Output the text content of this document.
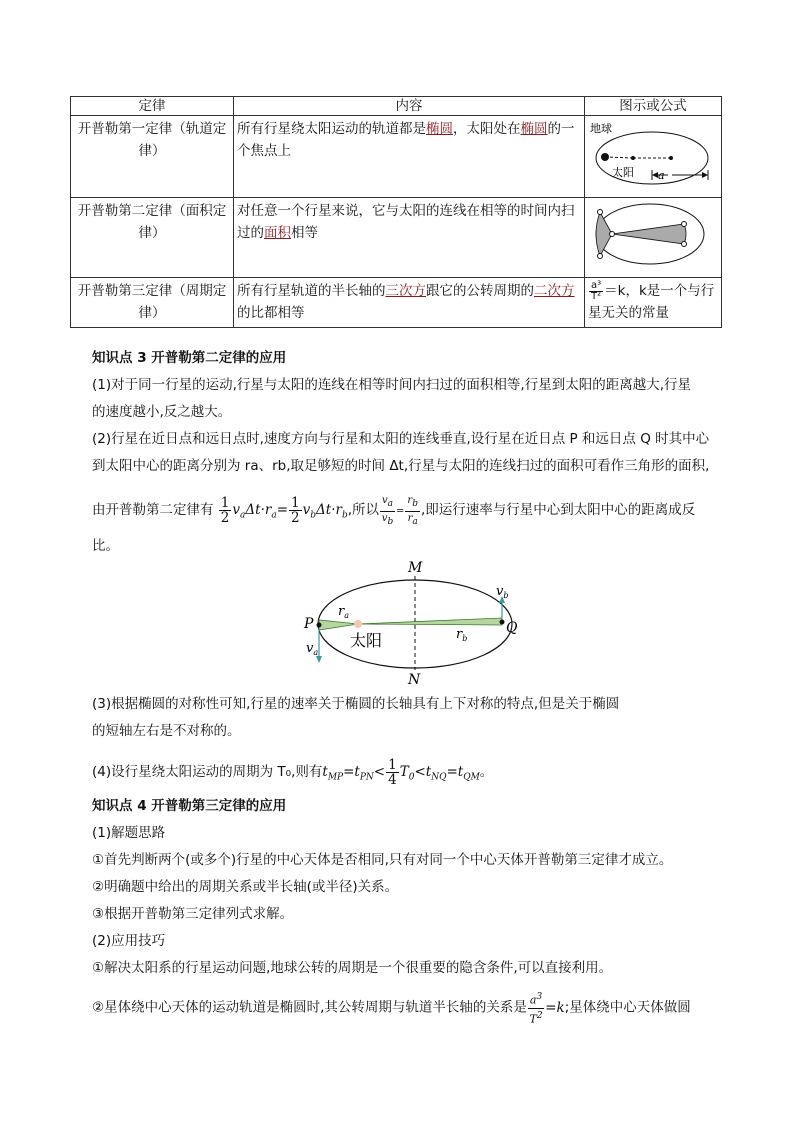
定律	内容	图示或公式
开普勒第一定律（轨道定律）	所有行星绕太阳运动的轨道都是椭圆，太阳处在椭圆的一个焦点上	地球
太阳 a

开普勒第二定律（面积定律）	对任意一个行星来说，它与太阳的连线在相等的时间内扫过的面积相等	
开普勒第三定律（周期定律）	所有行星轨道的半长轴的三次方跟它的公转周期的二次方的比都相等	$\frac{\text{a³}}{\text{T²}} =k$，k是一个与行星无关的常量
知识点 3 开普勒第二定律的应用
(1)对于同一行星的运动,行星与太阳的连线在相等时间内扫过的面积相等,行星到太阳的距离越大,行星
的速度越小,反之越大。
(2)行星在近日点和远日点时,速度方向与行星和太阳的连线垂直,设行星在近日点 P 和远日点 Q 时其中心
到太阳中心的距离分别为 ra、rb,取足够短的时间 Δt,行星与太阳的连线扫过的面积可看作三角形的面积,
由开普勒第二定律有 $\frac{1}{2} v_a\Delta t\cdot r_a= \frac{1}{2} v_b\Delta t\cdot r_b$,所以 $\frac{v_a}{v_b} = \frac{r_b}{r_a}$ ,即运行速率与行星中心到太阳中心的距离成反
比。
M
N
P	Q
$r_a$
$r_b$
$v_a$
$v_b$
太阳
(3)根据椭圆的对称性可知,行星的速率关于椭圆的长轴具有上下对称的特点,但是关于椭圆
的短轴左右是不对称的。
(4)设行星绕太阳运动的周期为 T₀,则有$t_{MP}=t_{PN}< \frac{1}{4} T_0<t_{NQ}=t_{QM}$。
知识点 4 开普勒第三定律的应用
(1)解题思路
①首先判断两个(或多个)行星的中心天体是否相同,只有对同一个中心天体开普勒第三定律才成立。
②明确题中给出的周期关系或半长轴(或半径)关系。
③根据开普勒第三定律列式求解。
(2)应用技巧
①解决太阳系的行星运动问题,地球公转的周期是一个很重要的隐含条件,可以直接利用。
②星体绕中心天体的运动轨道是椭圆时,其公转周期与轨道半长轴的关系是 $\frac{a^3}{T^2} =k$;星体绕中心天体做圆
